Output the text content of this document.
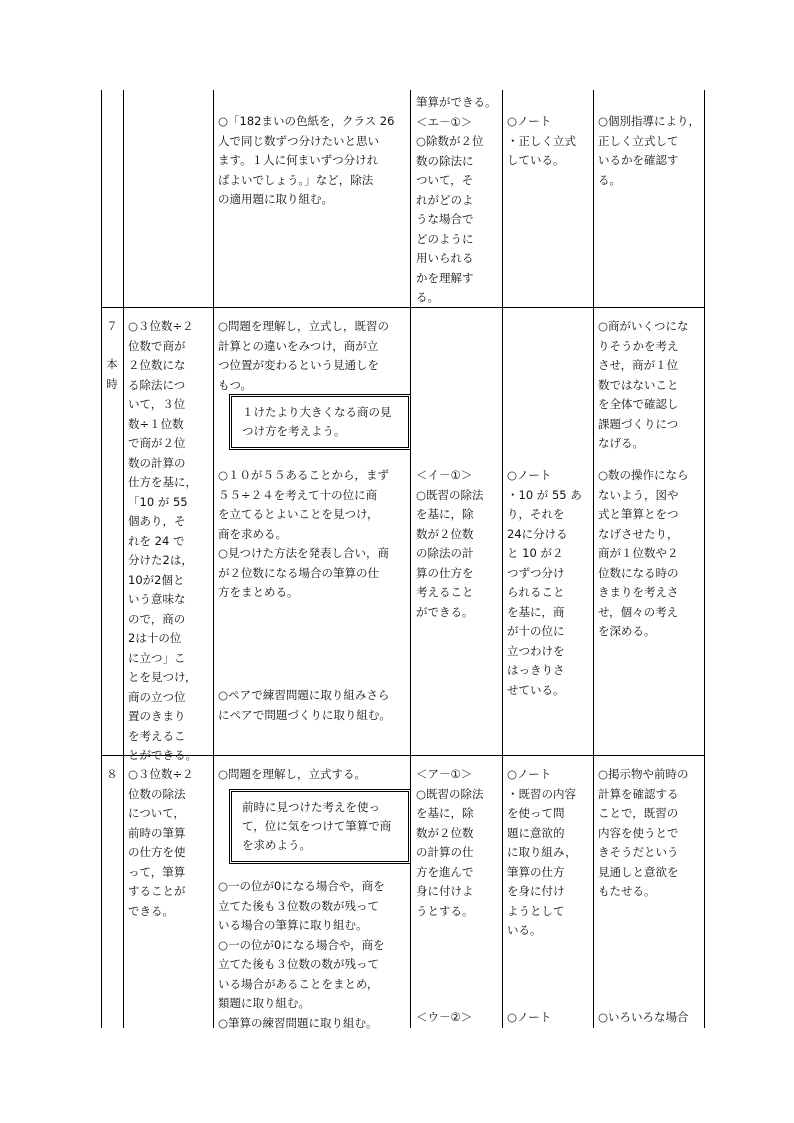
○「182まいの色紙を，クラス 26
人で同じ数ずつ分けたいと思い
ます。１人に何まいずつ分けれ
ばよいでしょう。」など，除法
の適用題に取り組む。
筆算ができる。
＜エ－①＞
○除数が２位
数の除法に
ついて，そ
れがどのよ
うな場合で
どのように
用いられる
かを理解す
る。
○ノート
・正しく立式
している。
○個別指導により，
正しく立式して
いるかを確認す
る。
７
本
時
○３位数÷２
位数で商が
２位数にな
る除法につ
いて，３位
数÷１位数
で商が２位
数の計算の
仕方を基に，
「10 が 55
個あり，そ
れを 24 で
分けた2は，
10が2個と
いう意味な
ので，商の
2は十の位
に立つ」こ
とを見つけ，
商の立つ位
置のきまり
を考えるこ
とができる。
○問題を理解し，立式し，既習の
計算との違いをみつけ，商が立
つ位置が変わるという見通しを
もつ。
１けたより大きくなる商の見 つけ方を考えよう。
○１０が５５あることから，まず
５５÷２４を考えて十の位に商
を立てるとよいことを見つけ，
商を求める。
○見つけた方法を発表し合い，商
が２位数になる場合の筆算の仕
方をまとめる。
○ペアで練習問題に取り組みさら
にペアで問題づくりに取り組む。
＜イ－①＞
○既習の除法
を基に，除
数が２位数
の除法の計
算の仕方を
考えること
ができる。
○ノート
・10 が 55 あ
り，それを
24に分ける
と 10 が２
つずつ分け
られること
を基に，商
が十の位に
立つわけを
はっきりさ
せている。
○商がいくつにな
りそうかを考え
させ，商が１位
数ではないこと
を全体で確認し
課題づくりにつ
なげる。
○数の操作になら
ないよう，図や
式と筆算とをつ
なげさせたり，
商が１位数や２
位数になる時の
きまりを考えさ
せ，個々の考え
を深める。
８ ○３位数÷２
位数の除法
について，
前時の筆算
の仕方を使
って，筆算
することが
できる。
○問題を理解し，立式する。
前時に見つけた考えを使っ て，位に気をつけて筆算で商 を求めよう。
○一の位が0になる場合や，商を
立てた後も３位数の数が残って
いる場合の筆算に取り組む。
○一の位が0になる場合や，商を
立てた後も３位数の数が残って
いる場合があることをまとめ，
類題に取り組む。
○筆算の練習問題に取り組む。
＜ア－①＞
○既習の除法
を基に，除
数が２位数
の計算の仕
方を進んで
身に付けよ
うとする。
＜ウ－②＞
○ノート
・既習の内容
を使って問
題に意欲的
に取り組み，
筆算の仕方
を身に付け
ようとして
いる。
○ノート
○掲示物や前時の
計算を確認する
ことで，既習の
内容を使うとで
きそうだという
見通しと意欲を
もたせる。
○いろいろな場合
